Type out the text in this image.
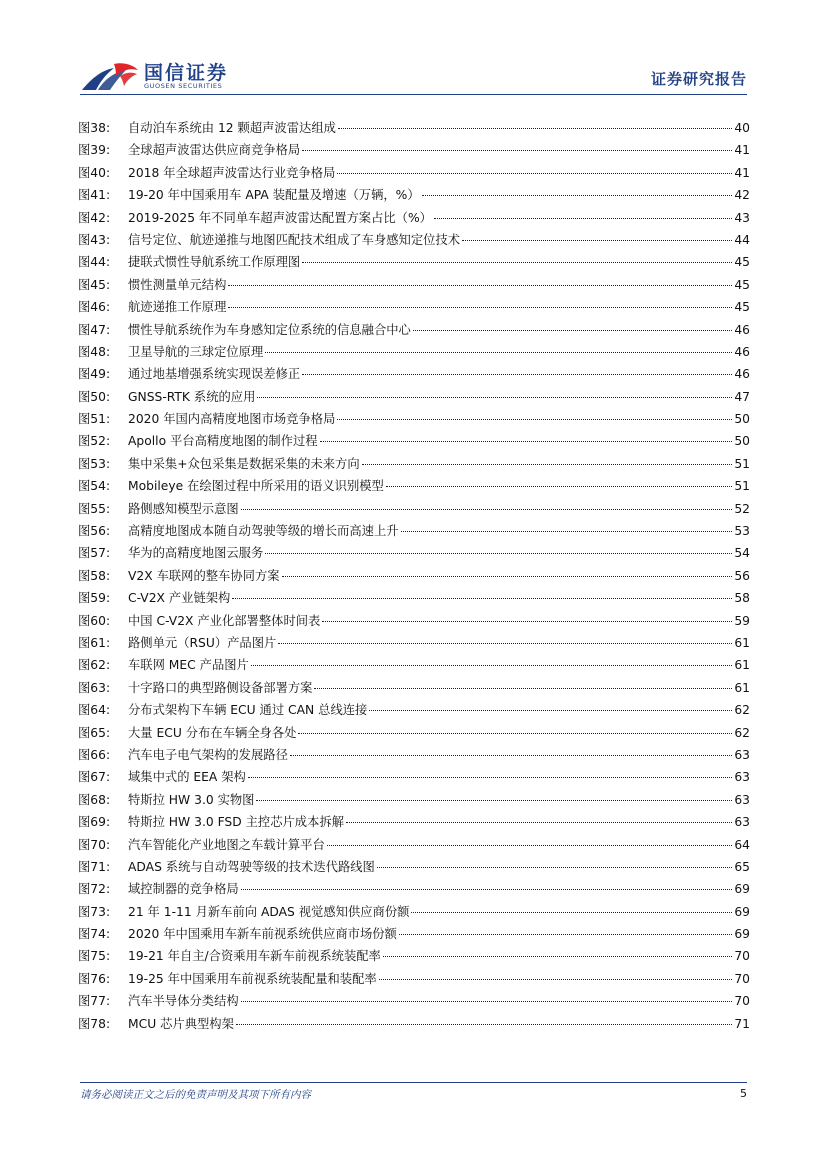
国信证券
GUOSEN SECURITIES	证券研究报告
图38:	自动泊车系统由 12 颗超声波雷达组成	40
图39:	全球超声波雷达供应商竞争格局	41
图40:	2018 年全球超声波雷达行业竞争格局	41
图41:	19-20 年中国乘用车 APA 装配量及增速（万辆，%）	42
图42:	2019-2025 年不同单车超声波雷达配置方案占比（%）	43
图43:	信号定位、航迹递推与地图匹配技术组成了车身感知定位技术	44
图44:	捷联式惯性导航系统工作原理图	45
图45:	惯性测量单元结构	45
图46:	航迹递推工作原理	45
图47:	惯性导航系统作为车身感知定位系统的信息融合中心	46
图48:	卫星导航的三球定位原理	46
图49:	通过地基增强系统实现误差修正	46
图50:	GNSS-RTK 系统的应用	47
图51:	2020 年国内高精度地图市场竞争格局	50
图52:	Apollo 平台高精度地图的制作过程	50
图53:	集中采集+众包采集是数据采集的未来方向	51
图54:	Mobileye 在绘图过程中所采用的语义识别模型	51
图55:	路侧感知模型示意图	52
图56:	高精度地图成本随自动驾驶等级的增长而高速上升	53
图57:	华为的高精度地图云服务	54
图58:	V2X 车联网的整车协同方案	56
图59:	C-V2X 产业链架构	58
图60:	中国 C-V2X 产业化部署整体时间表	59
图61:	路侧单元（RSU）产品图片	61
图62:	车联网 MEC 产品图片	61
图63:	十字路口的典型路侧设备部署方案	61
图64:	分布式架构下车辆 ECU 通过 CAN 总线连接	62
图65:	大量 ECU 分布在车辆全身各处	62
图66:	汽车电子电气架构的发展路径	63
图67:	域集中式的 EEA 架构	63
图68:	特斯拉 HW 3.0 实物图	63
图69:	特斯拉 HW 3.0 FSD 主控芯片成本拆解	63
图70:	汽车智能化产业地图之车载计算平台	64
图71:	ADAS 系统与自动驾驶等级的技术迭代路线图	65
图72:	域控制器的竞争格局	69
图73:	21 年 1-11 月新车前向 ADAS 视觉感知供应商份额	69
图74:	2020 年中国乘用车新车前视系统供应商市场份额	69
图75:	19-21 年自主/合资乘用车新车前视系统装配率	70
图76:	19-25 年中国乘用车前视系统装配量和装配率	70
图77:	汽车半导体分类结构	70
图78:	MCU 芯片典型构架	71
请务必阅读正文之后的免责声明及其项下所有内容	5
